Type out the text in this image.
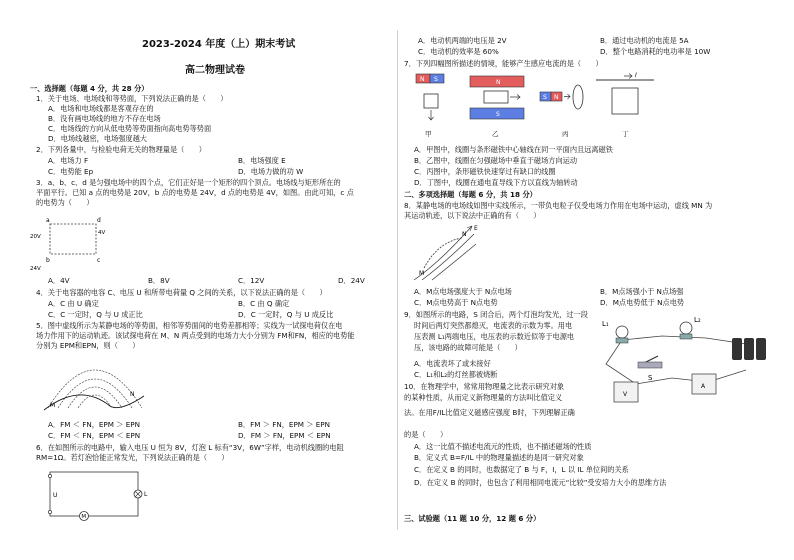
2023-2024 年度（上）期末考试
高二物理试卷
一、选择题（每题 4 分，共 28 分）
1．关于电场、电场线和等势面，下列说法正确的是（　　）
A．电场和电场线都是客观存在的
B．没有画电场线的地方不存在电场
C．电场线的方向从低电势等势面指向高电势等势面
D．电场线越密，电场强度越大
2．下列各量中，与检验电荷无关的物理量是（　　）
A．电场力 F	B．电场强度 E
C．电势能 Ep	D．电场力做的功 W
3．a、b、c、d 是匀强电场中的四个点，它们正好是一个矩形的四个顶点。电场线与矩形所在的
平面平行。已知 a 点的电势是 20V，b 点的电势是 24V，d 点的电势是 4V，如图。由此可知，c 点
的电势为（　　）
a	d
b	c
20V
24V
4V
A．4V	B．8V	C．12V	D．24V
4．关于电容器的电容 C、电压 U 和所带电荷量 Q 之间的关系，以下说法正确的是（　　）
A．C 由 U 确定	B．C 由 Q 确定
C．C 一定时，Q 与 U 成正比	D．C 一定时，Q 与 U 成反比
5．图中虚线所示为某静电场的等势面，相邻等势面间的电势差都相等；实线为一试探电荷仅在电
场力作用下的运动轨迹。该试探电荷在 M、N 两点受到的电场力大小分别为 FM和FN，相应的电势能
分别为 EPM和EPN，则（　　）
M
N
A．FM ＜ FN，EPM ＞ EPN	B．FM ＞ FN，EPM ＞ EPN
C．FM ＜ FN，EPM ＜ EPN	D．FM ＞ FN，EPM ＜ EPN
6．在如图所示的电路中，输入电压 U 恒为 8V，灯泡 L 标有“3V，6W”字样，电动机线圈的电阻
RM=1Ω。若灯泡恰能正常发光，下列说法正确的是（　　）
U	L
M
A．电动机两端的电压是 2V	B．通过电动机的电流是 5A
C．电动机的效率是 60%	D．整个电路消耗的电功率是 10W
7．下列四幅图所描述的情境，能够产生感应电流的是（　　）
N S
甲
N
S
乙
S N
丙
I
丁
A．甲图中，线圈与条形磁铁中心轴线在同一平面内且远离磁铁
B．乙图中，线圈在匀强磁场中垂直于磁场方向运动
C．丙图中，条形磁铁快速穿过有缺口的线圈
D．丁图中，线圈在通电直导线下方以直线为轴转动
二、多项选择题（每题 6 分，共 18 分）
8．某静电场的电场线如图中实线所示，一带负电粒子仅受电场力作用在电场中运动，虚线 MN 为
其运动轨迹，以下说法中正确的有（　　）
M
N
E
A．M点电场强度大于 N点电场	B．M点场强小于 N点场强
C．M点电势高于 N点电势	D．M点电势低于 N点电势
9．如图所示的电路，S 闭合后，两个灯泡均发光，过一段
时间后两灯突然都熄灭，电流表的示数为零。用电
压表测 L₁两端电压，电压表的示数近似等于电源电
压，该电路的故障可能是（　　）
L₁	L₂
S
V
A
A．电流表坏了或未接好
C．L₁和L₂的灯丝都被烧断
10．在物理学中，常常用物理量之比表示研究对象
的某种性质，从而定义新物理量的方法叫比值定义
法。在用F/IL比值定义磁感应强度 B时，下列理解正确
的是（　　）
A．这一比值不描述电流元的性质，也不描述磁场的性质
B．定义式 B=F/IL 中的物理量描述的是同一研究对象
C．在定义 B 的同时，也数据定了 B 与 F，I，L 以 IL 单位间的关系
D．在定义 B 的同时，也包含了利用相同电流元“比较”受安培力大小的思维方法
三、试验题（11 题 10 分，12 题 6 分）
